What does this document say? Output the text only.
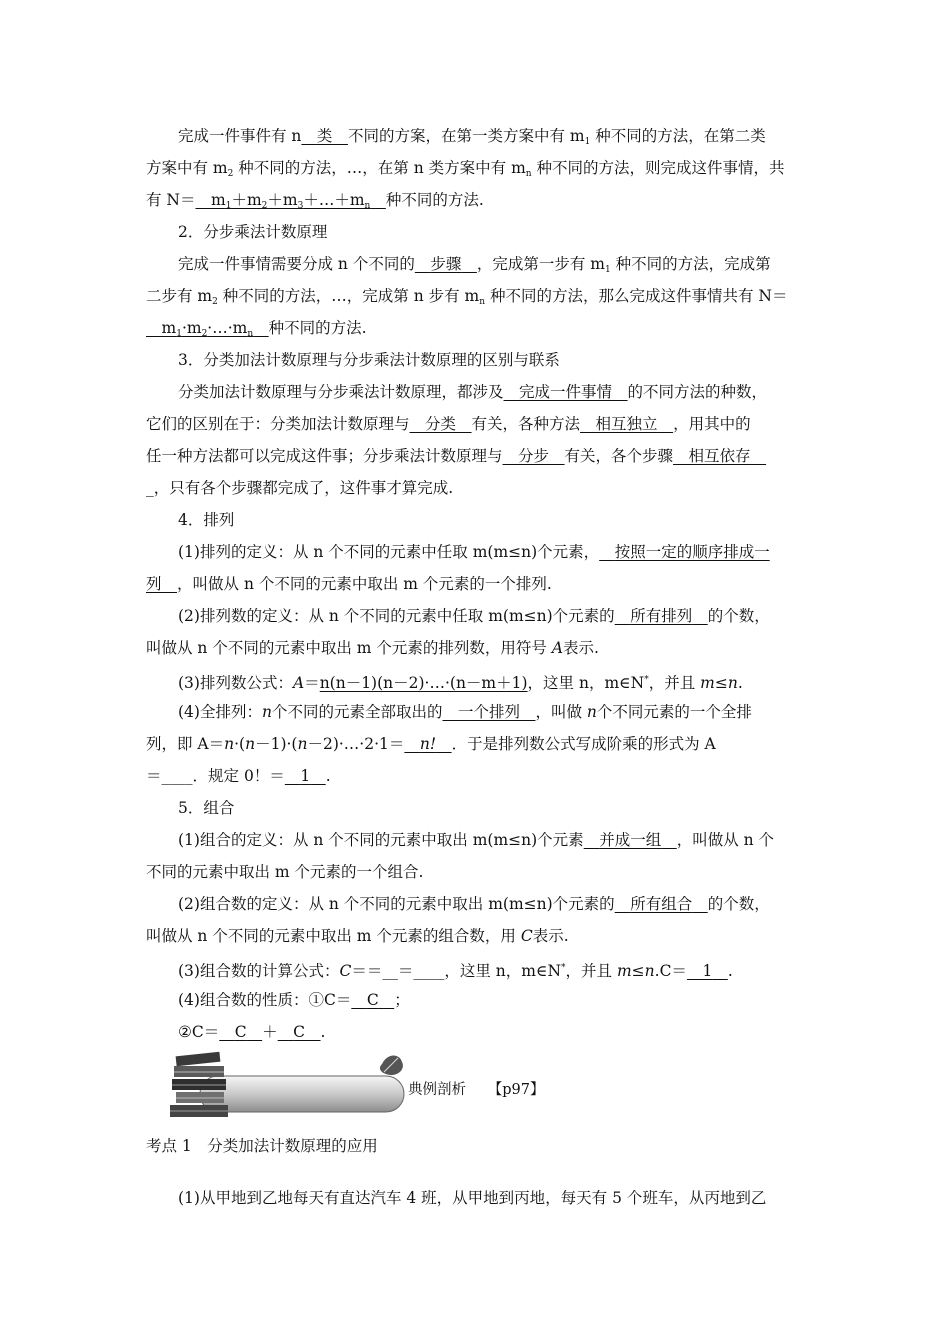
完成一件事件有 n  类  不同的方案，在第一类方案中有 $m_1$ 种不同的方法，在第二类
方案中有 $m_2$ 种不同的方法，…，在第 n 类方案中有 $m_n$ 种不同的方法，则完成这件事情，共
有 N＝  $m_1+m_2+m_3+\dots+m_n$  种不同的方法.
2．分步乘法计数原理
完成一件事情需要分成 n 个不同的  步骤  ，完成第一步有 $m_1$ 种不同的方法，完成第
二步有 $m_2$ 种不同的方法，…，完成第 n 步有 $m_n$ 种不同的方法，那么完成这件事情共有 N＝
 $m_1\cdot m_2\cdot\dots\cdot m_n$  种不同的方法.
3．分类加法计数原理与分步乘法计数原理的区别与联系
分类加法计数原理与分步乘法计数原理，都涉及  完成一件事情  的不同方法的种数，
它们的区别在于：分类加法计数原理与  分类  有关，各种方法  相互独立  ，用其中的
任一种方法都可以完成这件事；分步乘法计数原理与  分步  有关，各个步骤  相互依存 
_，只有各个步骤都完成了，这件事才算完成.
4．排列
(1)排列的定义：从 n 个不同的元素中任取 m(m≤n)个元素，  按照一定的顺序排成一
列  ，叫做从 n 个不同的元素中取出 m 个元素的一个排列.
(2)排列数的定义：从 n 个不同的元素中任取 m(m≤n)个元素的  所有排列  的个数，
叫做从 n 个不同的元素中取出 m 个元素的排列数，用符号 A表示.
(3)排列数公式：A＝n(n－1)(n－2)·…·(n－m＋1)，这里 n，m∈N*，并且 m≤n.
(4)全排列：n个不同的元素全部取出的  一个排列  ，叫做 n个不同元素的一个全排
列，即 A＝n·(n－1)·(n－2)·…·2·1＝  n!  ．于是排列数公式写成阶乘的形式为 A
＝____．规定 0！＝  1  .
5．组合
(1)组合的定义：从 n 个不同的元素中取出 m(m≤n)个元素  并成一组  ，叫做从 n 个
不同的元素中取出 m 个元素的一个组合.
(2)组合数的定义：从 n 个不同的元素中取出 m(m≤n)个元素的  所有组合  的个数，
叫做从 n 个不同的元素中取出 m 个元素的组合数，用 C表示.
(3)组合数的计算公式：C＝＝__＝____，这里 n，m∈N*，并且 m≤n.C＝  1  .
(4)组合数的性质：①C＝  C  ；
②C＝  C  ＋  C  .
典例剖析   【p97】
考点 1　分类加法计数原理的应用
(1)从甲地到乙地每天有直达汽车 4 班，从甲地到丙地，每天有 5 个班车，从丙地到乙
